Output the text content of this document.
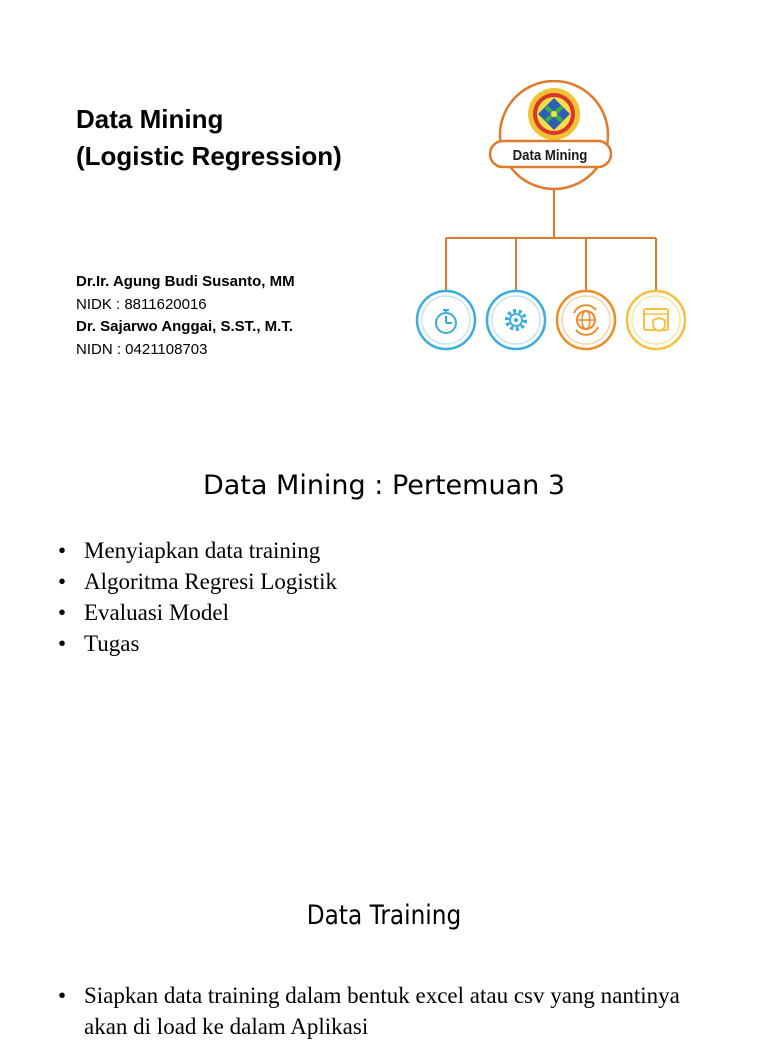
Data Mining
(Logistic Regression)
Dr.Ir. Agung Budi Susanto, MM
NIDK : 8811620016
Dr. Sajarwo Anggai, S.ST., M.T.
NIDN : 0421108703
Data Mining
Data Mining : Pertemuan 3
• Menyiapkan data training
• Algoritma Regresi Logistik
• Evaluasi Model
• Tugas
Data Training
• Siapkan data training dalam bentuk excel atau csv yang nantinya akan di load ke dalam Aplikasi
